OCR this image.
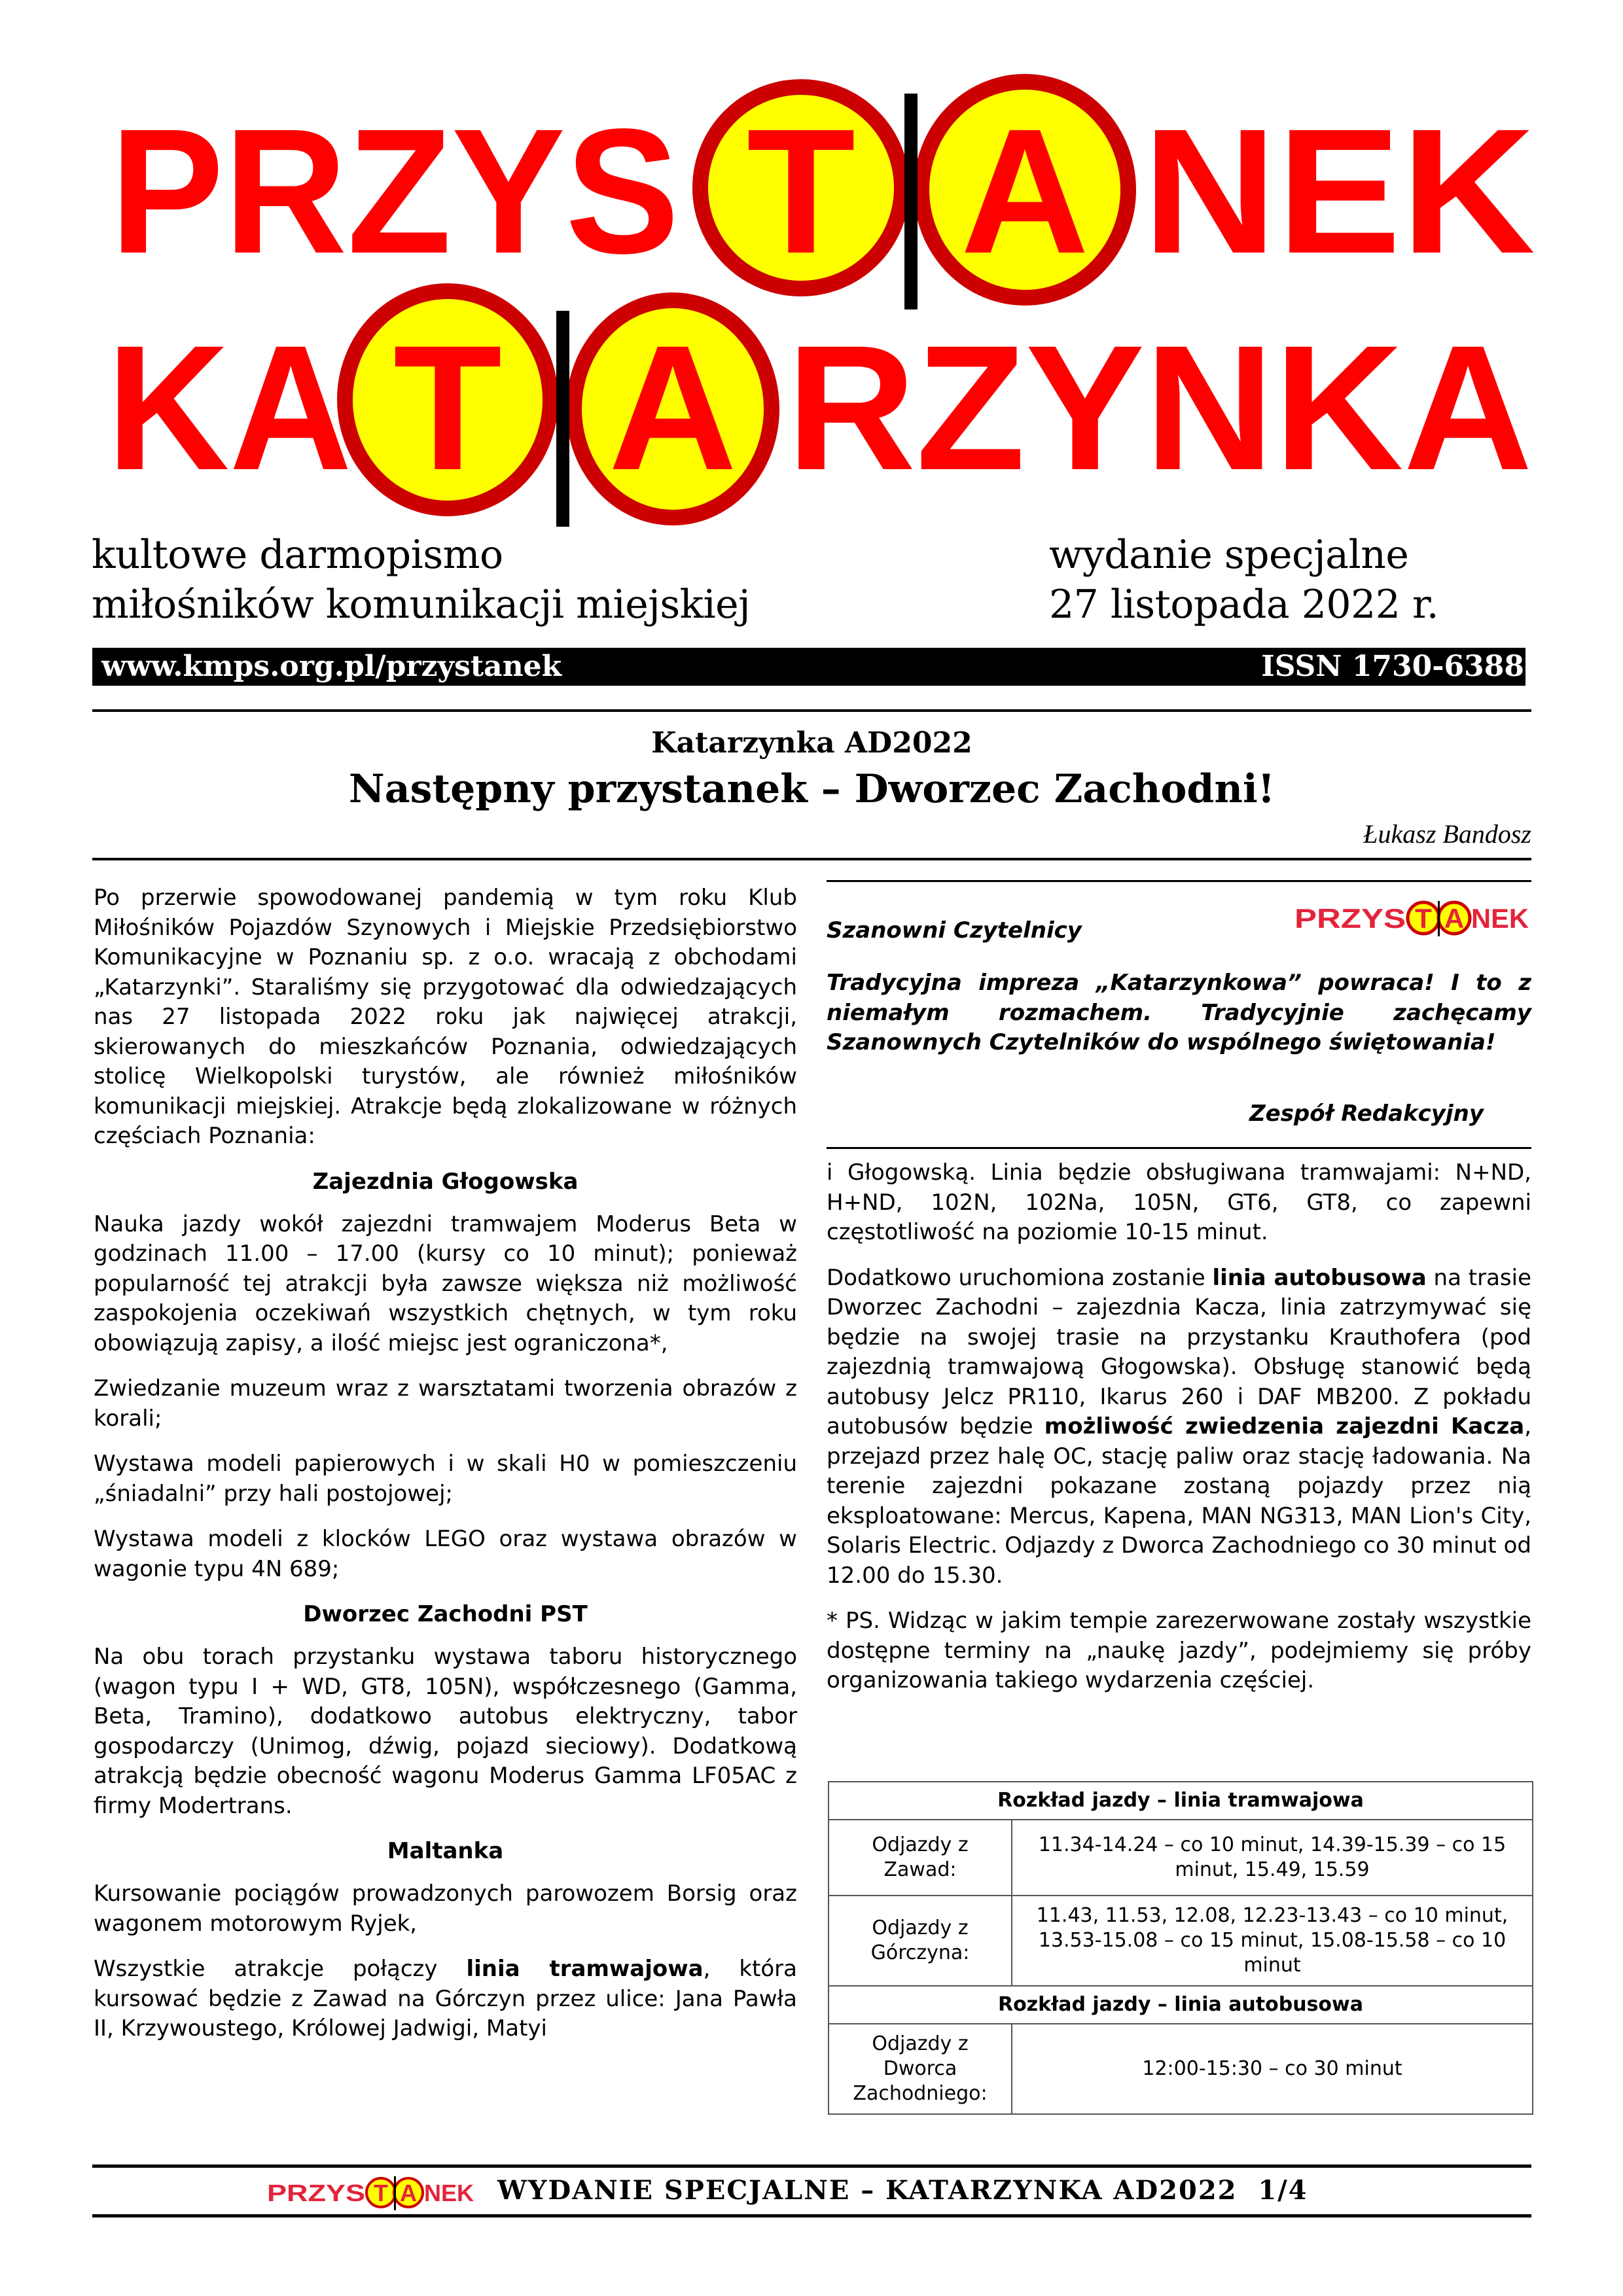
PRZYS T A NEK
KA T A RZYNKA
kultowe darmopismo
miłośników komunikacji miejskiej
wydanie specjalne
27 listopada 2022 r.
www.kmps.org.pl/przystanek	ISSN 1730-6388
Katarzynka AD2022
Następny przystanek – Dworzec Zachodni!
Łukasz Bandosz

Po przerwie spowodowanej pandemią w tym roku Klub Miłośników Pojazdów Szynowych i Miejskie Przedsiębiorstwo Komunikacyjne w Poznaniu sp. z o.o. wracają z obchodami „Katarzynki”. Staraliśmy się przygotować dla odwiedzających nas 27 listopada 2022 roku jak najwięcej atrakcji, skierowanych do mieszkańców Poznania, odwiedzających stolicę Wielkopolski turystów, ale również miłośników komunikacji miejskiej. Atrakcje będą zlokalizowane w różnych częściach Poznania:

Zajezdnia Głogowska

Nauka jazdy wokół zajezdni tramwajem Moderus Beta w godzinach 11.00 – 17.00 (kursy co 10 minut); ponieważ popularność tej atrakcji była zawsze większa niż możliwość zaspokojenia oczekiwań wszystkich chętnych, w tym roku obowiązują zapisy, a ilość miejsc jest ograniczona*,

Zwiedzanie muzeum wraz z warsztatami tworzenia obrazów z korali;

Wystawa modeli papierowych i w skali H0 w pomieszczeniu „śniadalni” przy hali postojowej;

Wystawa modeli z klocków LEGO oraz wystawa obrazów w wagonie typu 4N 689;

Dworzec Zachodni PST

Na obu torach przystanku wystawa taboru historycznego (wagon typu I + WD, GT8, 105N), współczesnego (Gamma, Beta, Tramino), dodatkowo autobus elektryczny, tabor gospodarczy (Unimog, dźwig, pojazd sieciowy). Dodatkową atrakcją będzie obecność wagonu Moderus Gamma LF05AC z firmy Modertrans.

Maltanka

Kursowanie pociągów prowadzonych parowozem Borsig oraz wagonem motorowym Ryjek,

Wszystkie atrakcje połączy linia tramwajowa, która kursować będzie z Zawad na Górczyn przez ulice: Jana Pawła II, Krzywoustego, Królowej Jadwigi, Matyi

PRZYS T A NEK
Szanowni Czytelnicy
Tradycyjna impreza „Katarzynkowa” powraca! I to z niemałym rozmachem. Tradycyjnie zachęcamy Szanownych Czytelników do wspólnego świętowania!
Zespół Redakcyjny

i Głogowską. Linia będzie obsługiwana tramwajami: N+ND, H+ND, 102N, 102Na, 105N, GT6, GT8, co zapewni częstotliwość na poziomie 10-15 minut.

Dodatkowo uruchomiona zostanie linia autobusowa na trasie Dworzec Zachodni – zajezdnia Kacza, linia zatrzymywać się będzie na swojej trasie na przystanku Krauthofera (pod zajezdnią tramwajową Głogowska). Obsługę stanowić będą autobusy Jelcz PR110, Ikarus 260 i DAF MB200. Z pokładu autobusów będzie możliwość zwiedzenia zajezdni Kacza, przejazd przez halę OC, stację paliw oraz stację ładowania. Na terenie zajezdni pokazane zostaną pojazdy przez nią eksploatowane: Mercus, Kapena, MAN NG313, MAN Lion's City, Solaris Electric. Odjazdy z Dworca Zachodniego co 30 minut od 12.00 do 15.30.

* PS. Widząc w jakim tempie zarezerwowane zostały wszystkie dostępne terminy na „naukę jazdy”, podejmiemy się próby organizowania takiego wydarzenia częściej.

Rozkład jazdy – linia tramwajowa	
Odjazdy z Zawad:	11.34-14.24 – co 10 minut, 14.39-15.39 – co 15 minut, 15.49, 15.59
Odjazdy z Górczyna:	11.43, 11.53, 12.08, 12.23-13.43 – co 10 minut, 13.53-15.08 – co 15 minut, 15.08-15.58 – co 10 minut
Rozkład jazdy – linia autobusowa	
Odjazdy z Dworca Zachodniego:	12:00-15:30 – co 30 minut
PRZYS T A NEK WYDANIE SPECJALNE – KATARZYNKA AD2022 1/4
